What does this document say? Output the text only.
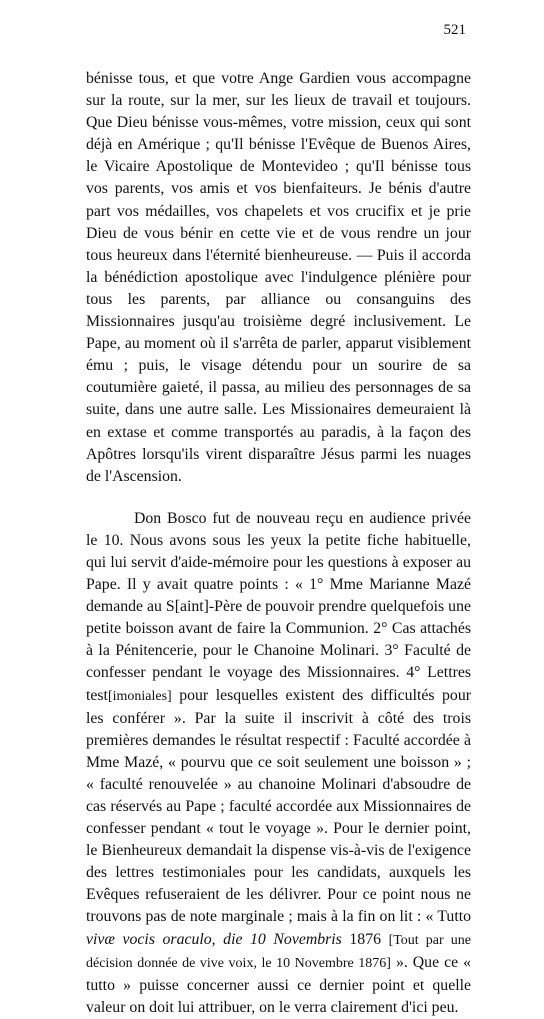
521

bénisse tous, et que votre Ange Gardien vous accompagne sur la route, sur la mer, sur les lieux de travail et toujours. Que Dieu bénisse vous-mêmes, votre mission, ceux qui sont déjà en Amérique ; qu'Il bénisse l'Evêque de Buenos Aires, le Vicaire Apostolique de Montevideo ; qu'Il bénisse tous vos parents, vos amis et vos bienfaiteurs. Je bénis d'autre part vos médailles, vos chapelets et vos crucifix et je prie Dieu de vous bénir en cette vie et de vous rendre un jour tous heureux dans l'éternité bienheureuse. — Puis il accorda la bénédiction apostolique avec l'indulgence plénière pour tous les parents, par alliance ou consanguins des Missionnaires jusqu'au troisième degré inclusivement. Le Pape, au moment où il s'arrêta de parler, apparut visiblement ému ; puis, le visage détendu pour un sourire de sa coutumière gaieté, il passa, au milieu des personnages de sa suite, dans une autre salle. Les Missionaires demeuraient là en extase et comme transportés au paradis, à la façon des Apôtres lorsqu'ils virent disparaître Jésus parmi les nuages de l'Ascension.

Don Bosco fut de nouveau reçu en audience privée le 10. Nous avons sous les yeux la petite fiche habituelle, qui lui servit d'aide-mémoire pour les questions à exposer au Pape. Il y avait quatre points : « 1° Mme Marianne Mazé demande au S[aint]-Père de pouvoir prendre quelquefois une petite boisson avant de faire la Communion. 2° Cas attachés à la Pénitencerie, pour le Chanoine Molinari. 3° Faculté de confesser pendant le voyage des Missionnaires. 4° Lettres test[imoniales] pour lesquelles existent des difficultés pour les conférer ». Par la suite il inscrivit à côté des trois premières demandes le résultat respectif : Faculté accordée à Mme Mazé, « pourvu que ce soit seulement une boisson » ; « faculté renouvelée » au chanoine Molinari d'absoudre de cas réservés au Pape ; faculté accordée aux Missionnaires de confesser pendant « tout le voyage ». Pour le dernier point, le Bienheureux demandait la dispense vis-à-vis de l'exigence des lettres testimoniales pour les candidats, auxquels les Evêques refuseraient de les délivrer. Pour ce point nous ne trouvons pas de note marginale ; mais à la fin on lit : « Tutto vivæ vocis oraculo, die 10 Novembris 1876 [Tout par une décision donnée de vive voix, le 10 Novembre 1876] ». Que ce « tutto » puisse concerner aussi ce dernier point et quelle valeur on doit lui attribuer, on le verra clairement d'ici peu.
